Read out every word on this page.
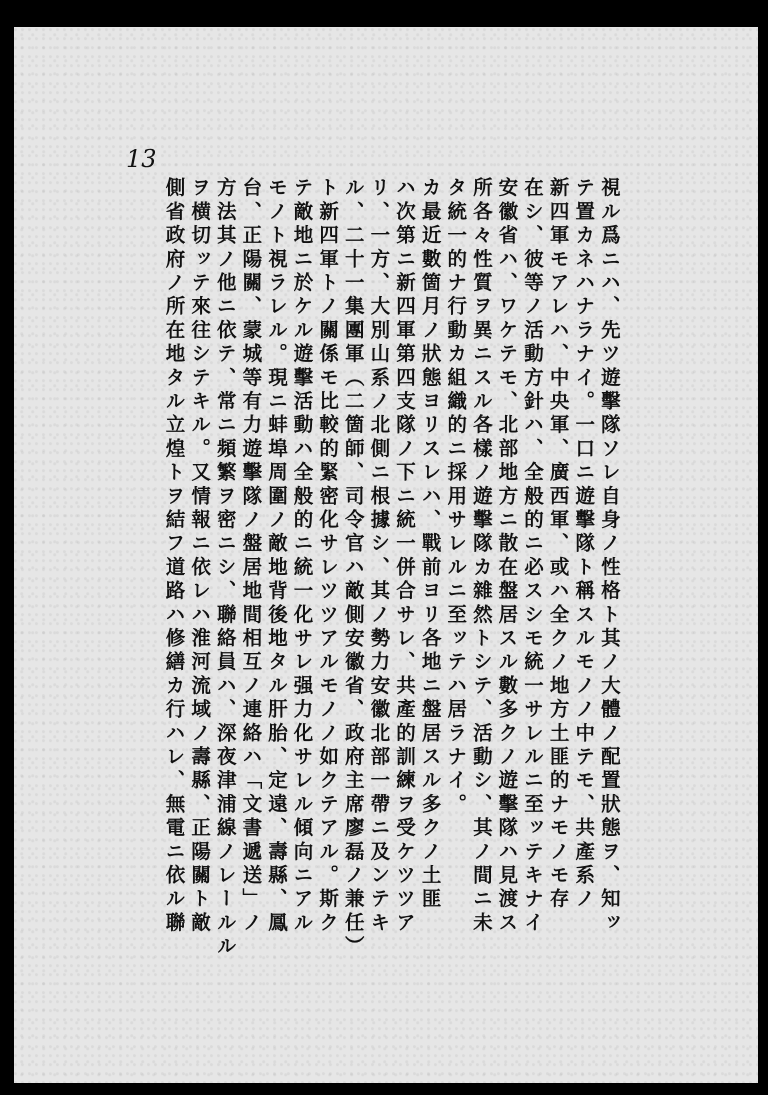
13
視ル爲ニハ、先ツ遊擊隊ソレ自身ノ性格ト其ノ大體ノ配置狀態ヲ、知ッ
テ置カネハナラナイ。一口ニ遊擊隊ト稱スルモノノ中テモ、共產系ノ
新四軍モアレハ、中央軍、廣西軍、或ハ全クノ地方土匪的ナモノモ存
在シ、彼等ノ活動方針ハ、全般的ニ必スシモ統一サレルニ至ッテキナイ
安徽省ハ、ワケテモ、北部地方ニ散在盤居スル數多クノ遊擊隊ハ見渡ス
所各々性質ヲ異ニスル各樣ノ遊擊隊カ雜然トシテ、活動シ、其ノ間ニ未
タ統一的ナ行動カ組織的ニ採用サレルニ至ッテハ居ラナイ。
カ最近數箇月ノ狀態ヨリスレハ、戰前ヨリ各地ニ盤居スル多クノ土匪
ハ次第ニ新四軍第四支隊ノ下ニ統一併合サレ、共產的訓練ヲ受ケツツア
リ、一方、大別山系ノ北側ニ根據シ、其ノ勢力安徽北部一帶ニ及ンテキ
ル、二十一集團軍（二箇師、司令官ハ敵側安徽省、政府主席廖磊ノ兼任）
ト新四軍トノ關係モ比較的緊密化サレツツアルモノノ如クテアル。斯ク
テ敵地ニ於ケル遊擊活動ハ全般的ニ統一化サレ强力化サレル傾向ニアル
モノト視ラレル。現ニ蚌埠周圍ノ敵地背後地タル肝胎、定遠、壽縣、鳳
台、正陽關、蒙城等有力遊擊隊ノ盤居地間相互ノ連絡ハ「文書遞送」ノ
方法其ノ他ニ依テ、常ニ頻繁ヲ密ニシ、聯絡員ハ、深夜津浦線ノレールル
ヲ横切ッテ來往シテキル。又情報ニ依レハ淮河流域ノ壽縣、正陽關ト敵
側省政府ノ所在地タル立煌トヲ結フ道路ハ修繕カ行ハレ、無電ニ依ル聯
